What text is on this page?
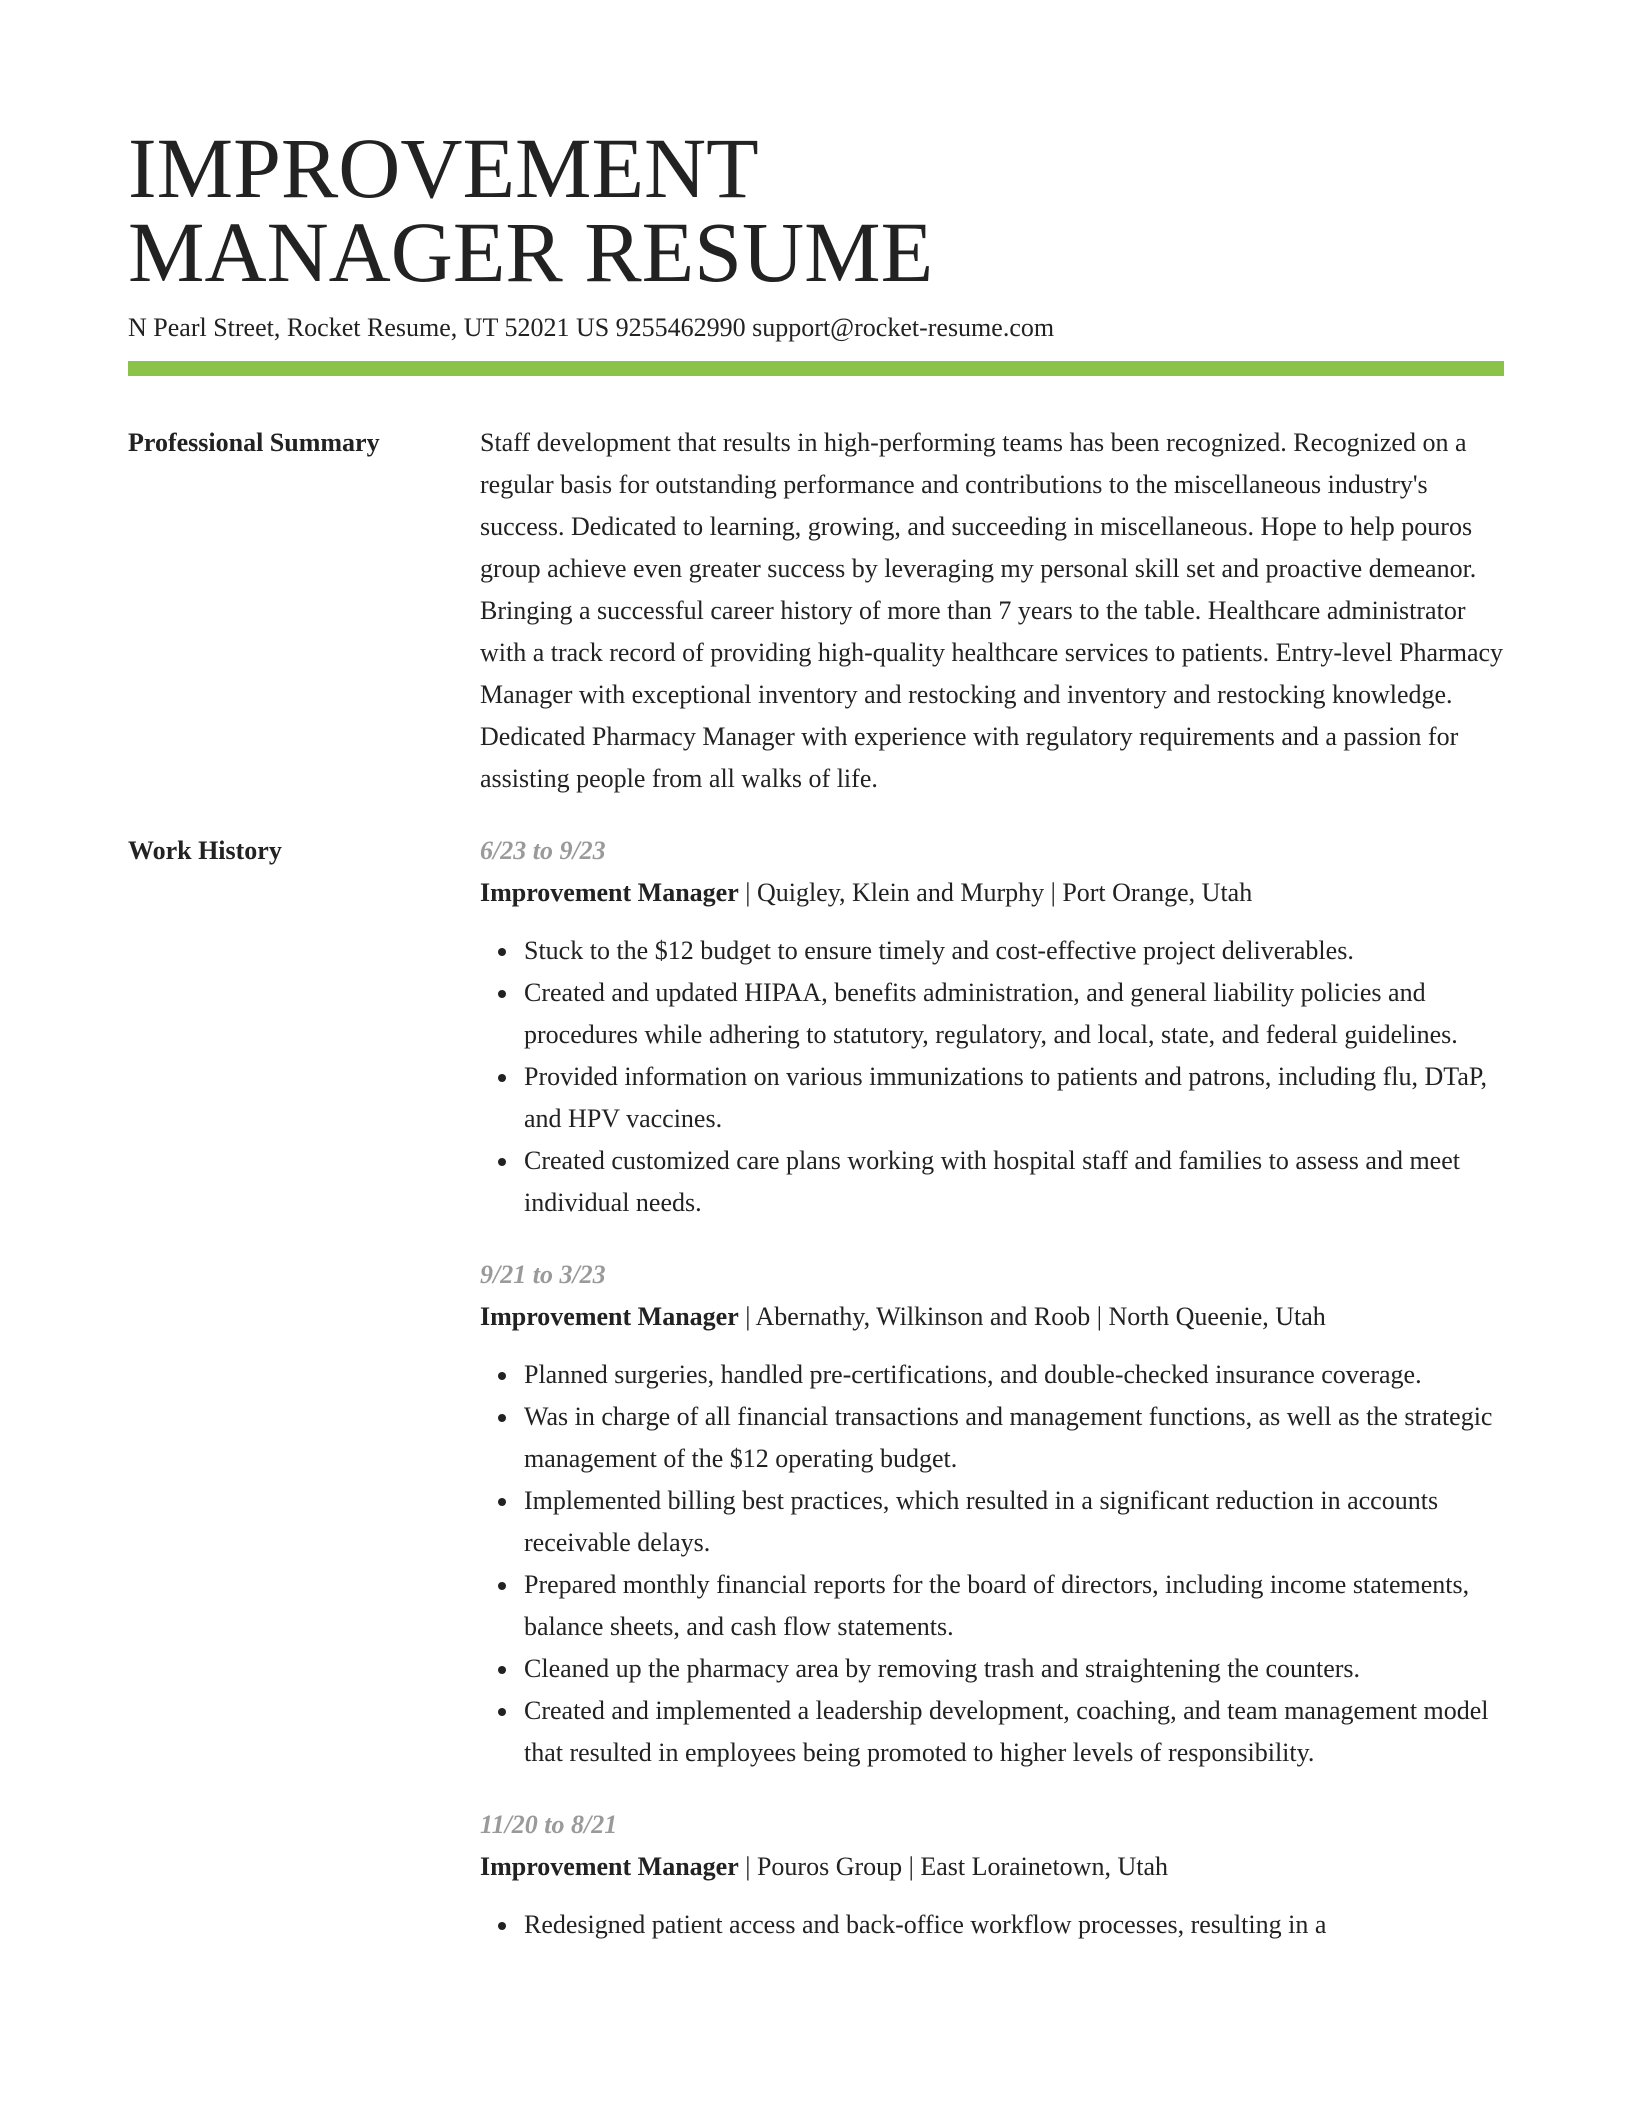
IMPROVEMENT
MANAGER RESUME
N Pearl Street, Rocket Resume, UT 52021 US 9255462990 support@rocket-resume.com
Professional Summary	Staff development that results in high-performing teams has been recognized. Recognized on a regular basis for outstanding performance and contributions to the miscellaneous industry's success. Dedicated to learning, growing, and succeeding in miscellaneous. Hope to help pouros group achieve even greater success by leveraging my personal skill set and proactive demeanor. Bringing a successful career history of more than 7 years to the table. Healthcare administrator with a track record of providing high-quality healthcare services to patients. Entry-level Pharmacy Manager with exceptional inventory and restocking and inventory and restocking knowledge. Dedicated Pharmacy Manager with experience with regulatory requirements and a passion for assisting people from all walks of life.

Work History	6/23 to 9/23
Improvement Manager | Quigley, Klein and Murphy | Port Orange, Utah
Stuck to the $12 budget to ensure timely and cost-effective project deliverables.
Created and updated HIPAA, benefits administration, and general liability policies and procedures while adhering to statutory, regulatory, and local, state, and federal guidelines.
Provided information on various immunizations to patients and patrons, including flu, DTaP, and HPV vaccines.
Created customized care plans working with hospital staff and families to assess and meet individual needs.
9/21 to 3/23
Improvement Manager | Abernathy, Wilkinson and Roob | North Queenie, Utah
Planned surgeries, handled pre-certifications, and double-checked insurance coverage.
Was in charge of all financial transactions and management functions, as well as the strategic management of the $12 operating budget.
Implemented billing best practices, which resulted in a significant reduction in accounts receivable delays.
Prepared monthly financial reports for the board of directors, including income statements, balance sheets, and cash flow statements.
Cleaned up the pharmacy area by removing trash and straightening the counters.
Created and implemented a leadership development, coaching, and team management model that resulted in employees being promoted to higher levels of responsibility.
11/20 to 8/21
Improvement Manager | Pouros Group | East Lorainetown, Utah
Redesigned patient access and back-office workflow processes, resulting in a
